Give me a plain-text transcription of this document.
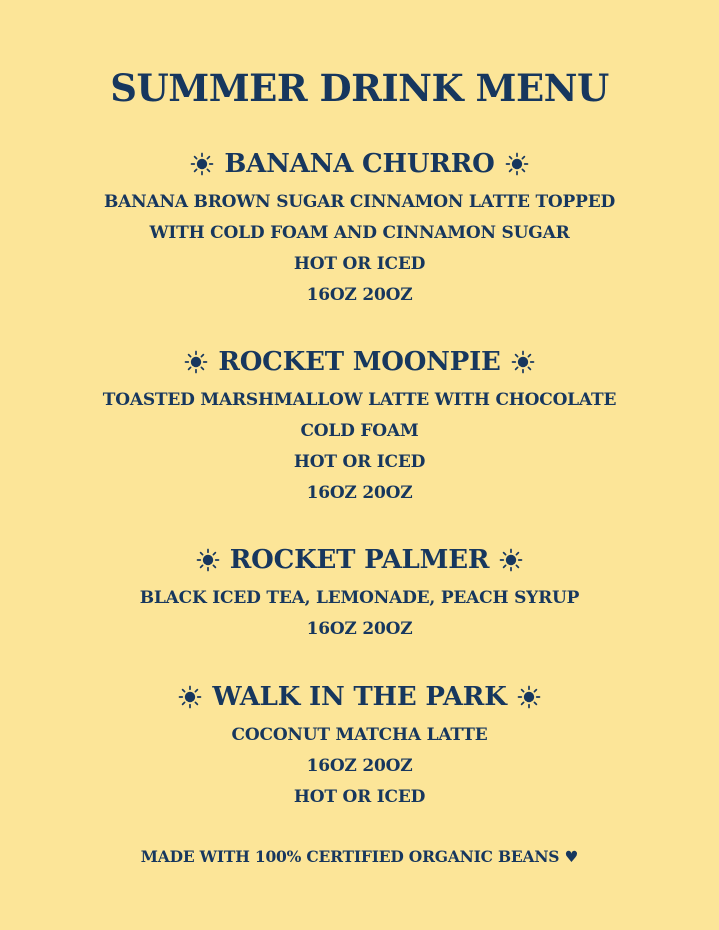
SUMMER DRINK MENU
BANANA CHURRO
BANANA BROWN SUGAR CINNAMON LATTE TOPPED
WITH COLD FOAM AND CINNAMON SUGAR
HOT OR ICED
16OZ 20OZ
ROCKET MOONPIE
TOASTED MARSHMALLOW LATTE WITH CHOCOLATE
COLD FOAM
HOT OR ICED
16OZ 20OZ
ROCKET PALMER
BLACK ICED TEA, LEMONADE, PEACH SYRUP
16OZ 20OZ
WALK IN THE PARK
COCONUT MATCHA LATTE
16OZ 20OZ
HOT OR ICED
MADE WITH 100% CERTIFIED ORGANIC BEANS ♥
